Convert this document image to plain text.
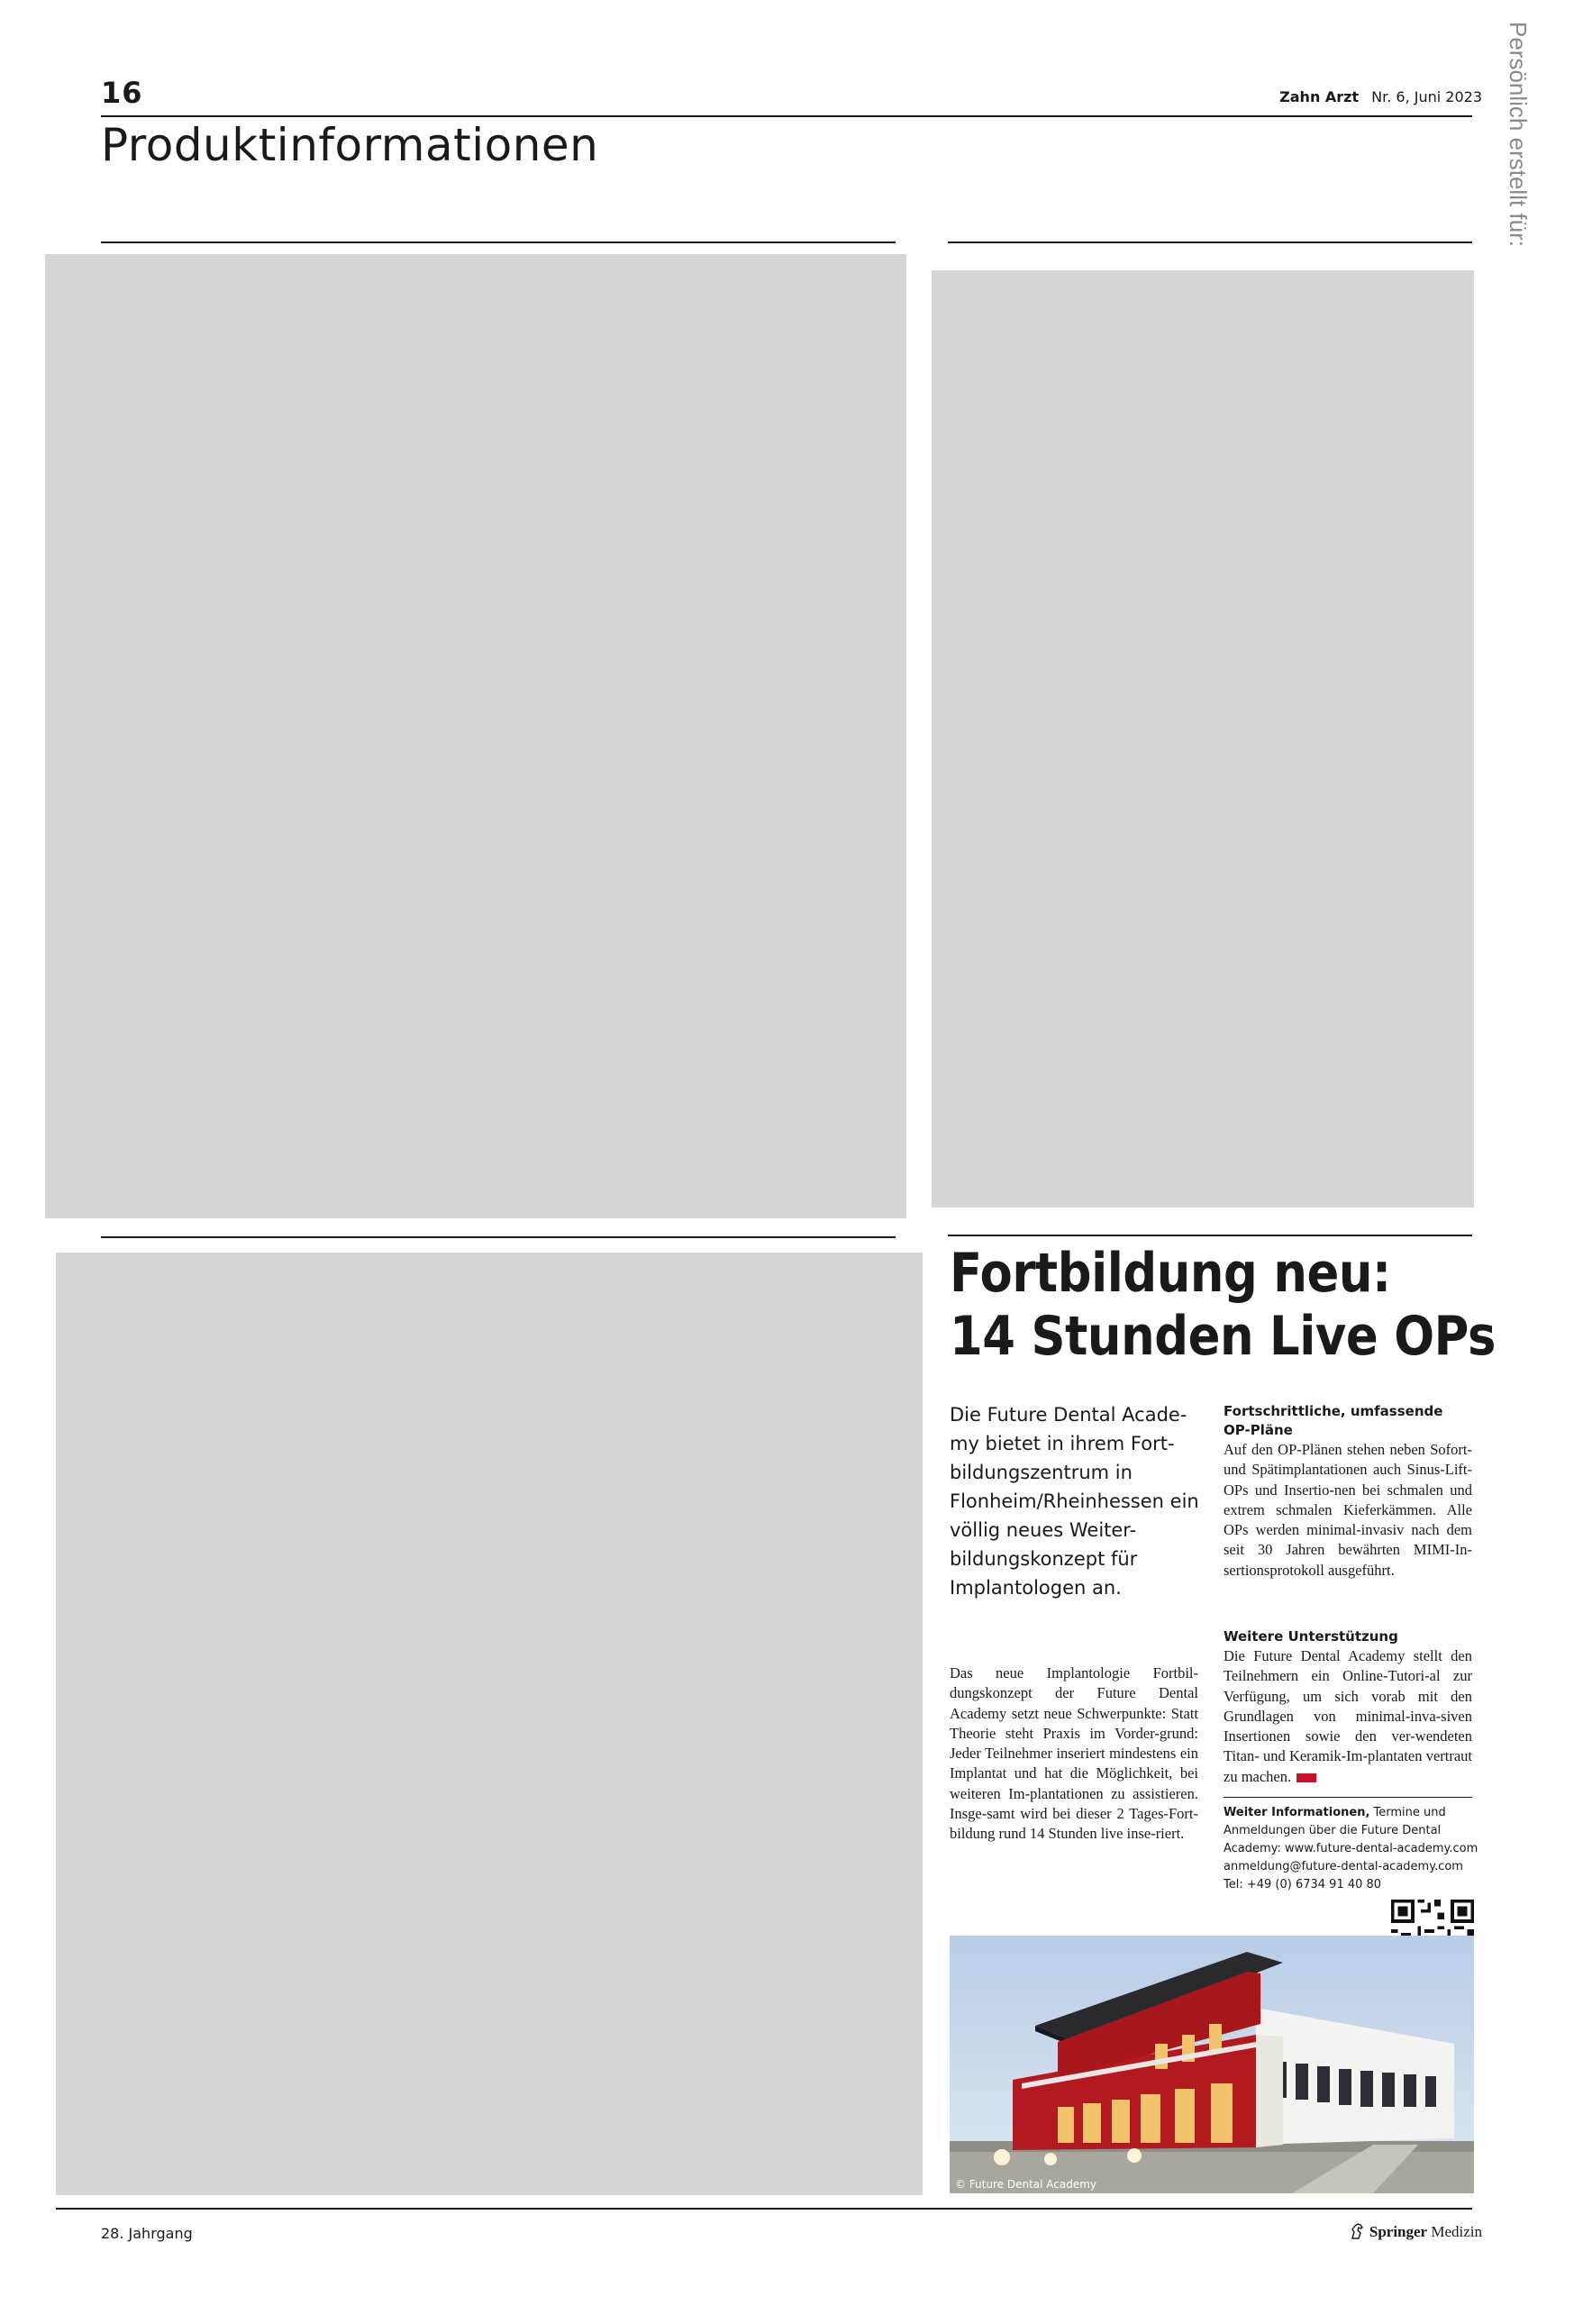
16	Zahn Arzt Nr. 6, Juni 2023
Produktinformationen	Persönlich erstellt für:
Fortbildung neu:
14 Stunden Live OPs
Die Future Dental Acade-my bietet in ihrem Fort-bildungszentrum in Flonheim/Rheinhessen ein völlig neues Weiter-bildungskonzept für Implantologen an.
Das neue Implantologie Fortbil-dungskonzept der Future Dental Academy setzt neue Schwerpunkte: Statt Theorie steht Praxis im Vorder-grund: Jeder Teilnehmer inseriert mindestens ein Implantat und hat die Möglichkeit, bei weiteren Im-plantationen zu assistieren. Insge-samt wird bei dieser 2 Tages-Fort-bildung rund 14 Stunden live inse-riert.
Fortschrittliche, umfassende OP-Pläne
Auf den OP-Plänen stehen neben Sofort- und Spätimplantationen auch Sinus-Lift-OPs und Insertio-nen bei schmalen und extrem schmalen Kieferkämmen. Alle OPs werden minimal-invasiv nach dem seit 30 Jahren bewährten MIMI-In-sertionsprotokoll ausgeführt.
Weitere Unterstützung
Die Future Dental Academy stellt den Teilnehmern ein Online-Tutori-al zur Verfügung, um sich vorab mit den Grundlagen von minimal-inva-siven Insertionen sowie den ver-wendeten Titan- und Keramik-Im-plantaten vertraut zu machen.
Weiter Informationen, Termine und
Anmeldungen über die Future Dental
Academy: www.future-dental-academy.com
anmeldung@future-dental-academy.com
Tel: +49 (0) 6734 91 40 80
© Future Dental Academy
28. Jahrgang	Springer Medizin
